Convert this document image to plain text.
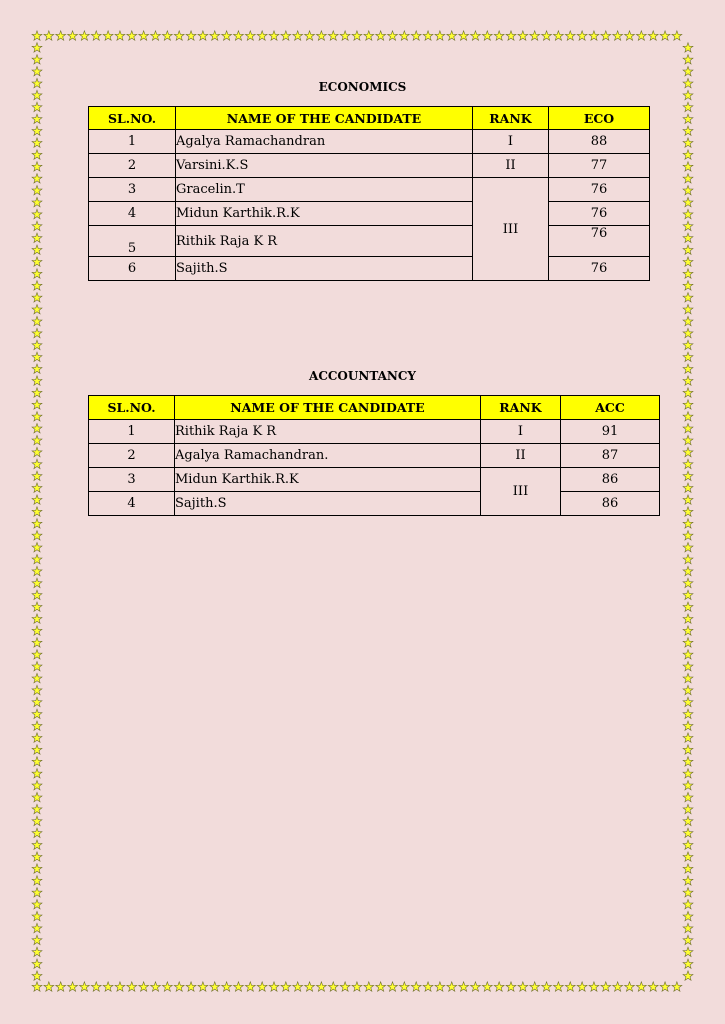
ECONOMICS
SL.NO.	NAME OF THE CANDIDATE	RANK	ECO
1	Agalya Ramachandran	I	88
2	Varsini.K.S	II	77
3	Gracelin.T	III	76
4	Midun Karthik.R.K		76
5	Rithik Raja K R		76
6	Sajith.S		76
ACCOUNTANCY
SL.NO.	NAME OF THE CANDIDATE	RANK	ACC
1	Rithik Raja K R	I	91
2	Agalya Ramachandran.	II	87
3	Midun Karthik.R.K	III	86
4	Sajith.S		86
